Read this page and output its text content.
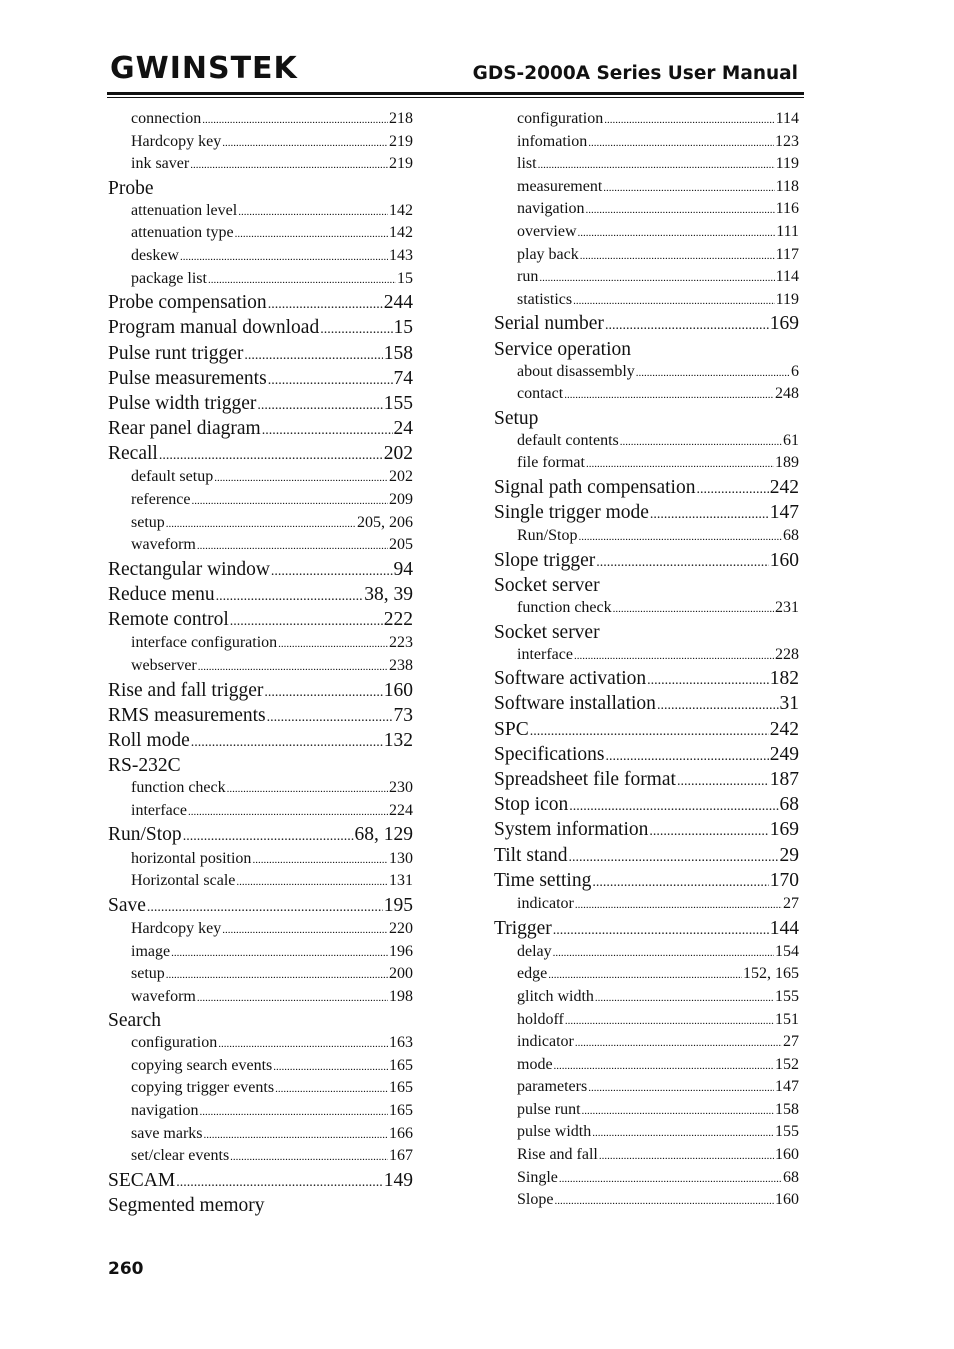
GWINSTEK	GDS-2000A Series User Manual
connection .....	218
Hardcopy key .....	219
ink saver .....	219
Probe
attenuation level .....	142
attenuation type .....	142
deskew .....	143
package list .....	15
Probe compensation .....	244
Program manual download .....	15
Pulse runt trigger .....	158
Pulse measurements .....	74
Pulse width trigger .....	155
Rear panel diagram .....	24
Recall .....	202
default setup .....	202
reference .....	209
setup .....	205, 206
waveform .....	205
Rectangular window .....	94
Reduce menu .....	38, 39
Remote control .....	222
interface configuration .....	223
webserver .....	238
Rise and fall trigger .....	160
RMS measurements .....	73
Roll mode .....	132
RS-232C
function check .....	230
interface .....	224
Run/Stop .....	68, 129
horizontal position .....	130
Horizontal scale .....	131
Save .....	195
Hardcopy key .....	220
image .....	196
setup .....	200
waveform .....	198
Search
configuration .....	163
copying search events .....	165
copying trigger events .....	165
navigation .....	165
save marks .....	166
set/clear events .....	167
SECAM .....	149
Segmented memory
configuration .....	114
infomation .....	123
list .....	119
measurement .....	118
navigation .....	116
overview .....	111
play back .....	117
run .....	114
statistics .....	119
Serial number .....	169
Service operation
about disassembly .....	6
contact .....	248
Setup
default contents .....	61
file format .....	189
Signal path compensation .....	242
Single trigger mode .....	147
Run/Stop .....	68
Slope trigger .....	160
Socket server
function check .....	231
Socket server
interface .....	228
Software activation .....	182
Software installation .....	31
SPC .....	242
Specifications .....	249
Spreadsheet file format .....	187
Stop icon .....	68
System information .....	169
Tilt stand .....	29
Time setting .....	170
indicator .....	27
Trigger .....	144
delay .....	154
edge .....	152, 165
glitch width .....	155
holdoff .....	151
indicator .....	27
mode .....	152
parameters .....	147
pulse runt .....	158
pulse width .....	155
Rise and fall .....	160
Single .....	68
Slope .....	160
260
